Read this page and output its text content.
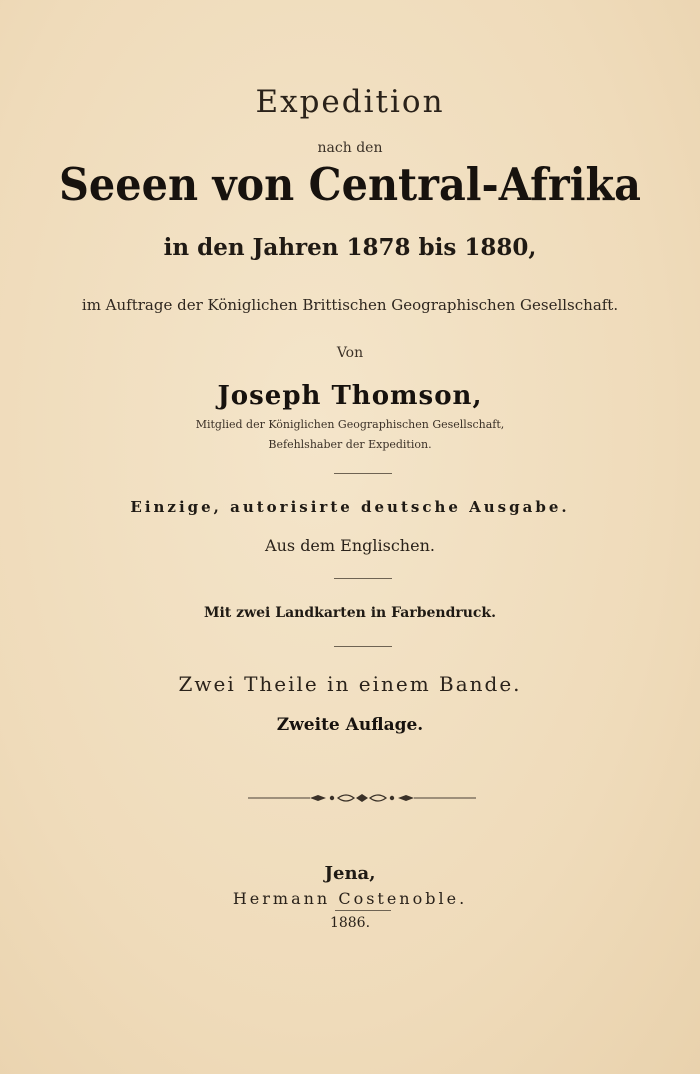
Expedition
nach den
Seeen von Central-Afrika
in den Jahren 1878 bis 1880,
im Auftrage der Königlichen Brittischen Geographischen Gesellschaft.
Von
Joseph Thomson,
Mitglied der Königlichen Geographischen Gesellschaft,
Befehlshaber der Expedition.
Einzige, autorisirte deutsche Ausgabe.
Aus dem Englischen.
Mit zwei Landkarten in Farbendruck.
Zwei Theile in einem Bande.
Zweite Auflage.
Jena,
Hermann Costenoble.
1886.
